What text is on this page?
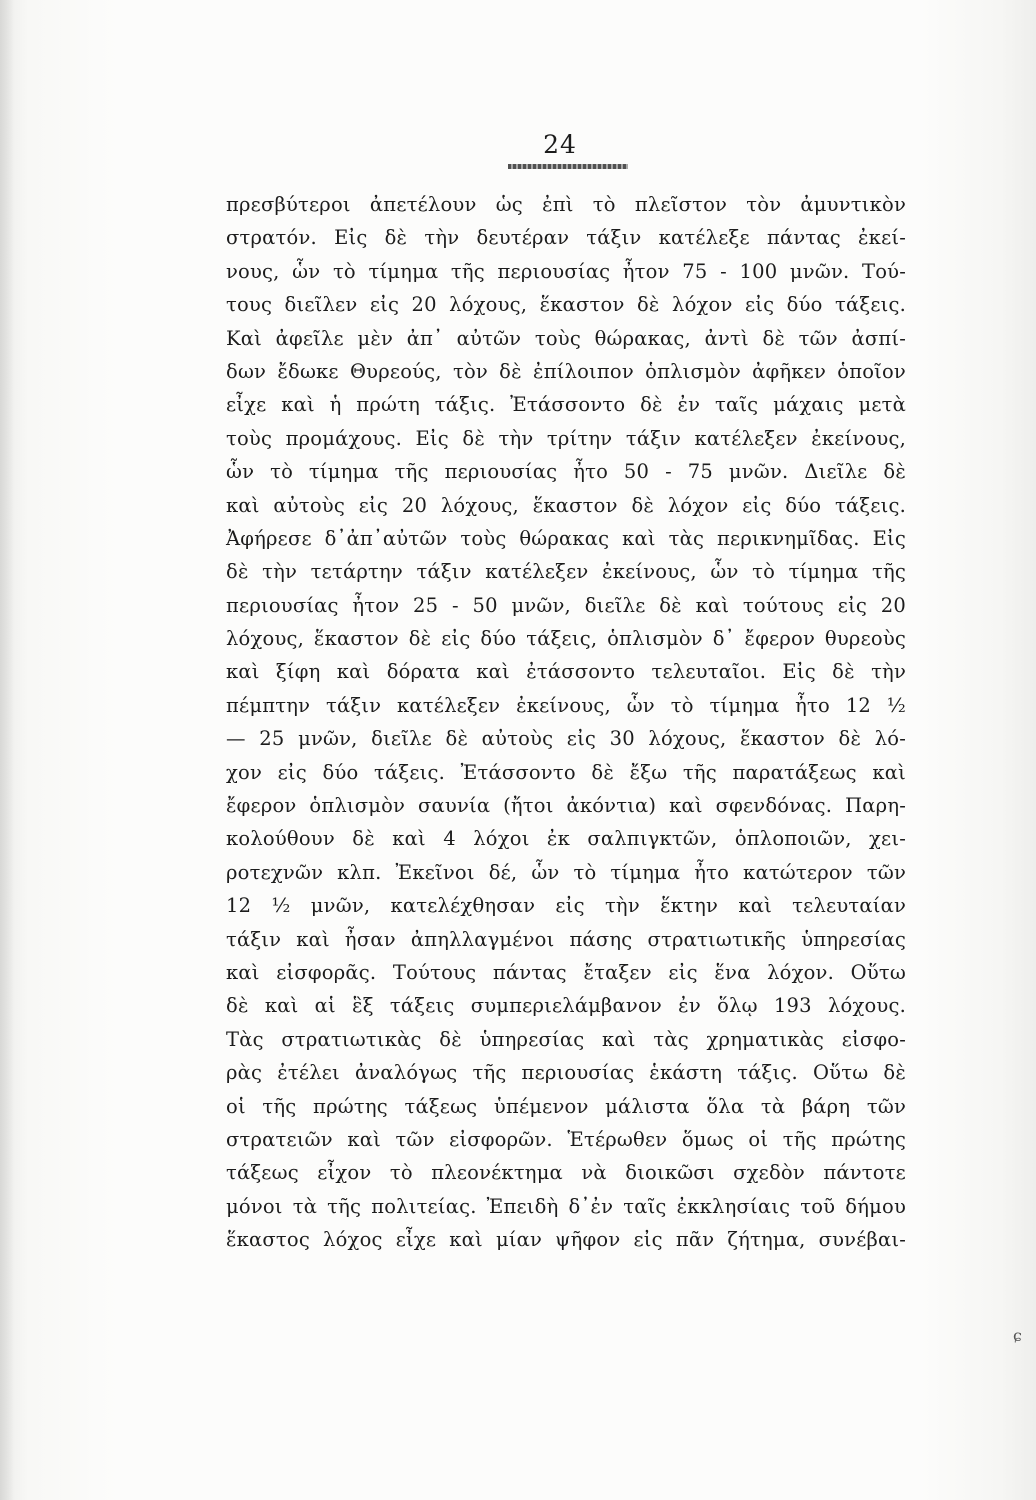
24
πρεσβύτεροι ἀπετέλουν ὡς ἐπὶ τὸ πλεῖστον τὸν ἀμυντικὸν
στρατόν. Εἰς δὲ τὴν δευτέραν τάξιν κατέλεξε πάντας ἐκεί-
νους, ὧν τὸ τίμημα τῆς περιουσίας ἦτον 75 - 100 μνῶν. Τού-
τους διεῖλεν εἰς 20 λόχους, ἕκαστον δὲ λόχον εἰς δύο τάξεις.
Καὶ ἀφεῖλε μὲν ἀπ᾽ αὐτῶν τοὺς θώρακας, ἀντὶ δὲ τῶν ἀσπί-
δων ἔδωκε Θυρεούς, τὸν δὲ ἐπίλοιπον ὁπλισμὸν ἀφῆκεν ὁποῖον
εἶχε καὶ ἡ πρώτη τάξις. Ἐτάσσοντο δὲ ἐν ταῖς μάχαις μετὰ
τοὺς προμάχους. Εἰς δὲ τὴν τρίτην τάξιν κατέλεξεν ἐκείνους,
ὧν τὸ τίμημα τῆς περιουσίας ἦτο 50 - 75 μνῶν. Διεῖλε δὲ
καὶ αὐτοὺς εἰς 20 λόχους, ἕκαστον δὲ λόχον εἰς δύο τάξεις.
Ἀφήρεσε δ᾽ἀπ᾽αὐτῶν τοὺς θώρακας καὶ τὰς περικνημῖδας. Εἰς
δὲ τὴν τετάρτην τάξιν κατέλεξεν ἐκείνους, ὧν τὸ τίμημα τῆς
περιουσίας ἦτον 25 - 50 μνῶν, διεῖλε δὲ καὶ τούτους εἰς 20
λόχους, ἕκαστον δὲ εἰς δύο τάξεις, ὁπλισμὸν δ᾽ ἔφερον θυρεοὺς
καὶ ξίφη καὶ δόρατα καὶ ἐτάσσοντο τελευταῖοι. Εἰς δὲ τὴν
πέμπτην τάξιν κατέλεξεν ἐκείνους, ὧν τὸ τίμημα ἦτο 12 ½
— 25 μνῶν, διεῖλε δὲ αὐτοὺς εἰς 30 λόχους, ἕκαστον δὲ λό-
χον εἰς δύο τάξεις. Ἐτάσσοντο δὲ ἔξω τῆς παρατάξεως καὶ
ἔφερον ὁπλισμὸν σαυνία (ἤτοι ἀκόντια) καὶ σφενδόνας. Παρη-
κολούθουν δὲ καὶ 4 λόχοι ἐκ σαλπιγκτῶν, ὁπλοποιῶν, χει-
ροτεχνῶν κλπ. Ἐκεῖνοι δέ, ὧν τὸ τίμημα ἦτο κατώτερον τῶν
12 ½ μνῶν, κατελέχθησαν εἰς τὴν ἕκτην καὶ τελευταίαν
τάξιν καὶ ἦσαν ἀπηλλαγμένοι πάσης στρατιωτικῆς ὑπηρεσίας
καὶ εἰσφορᾶς. Τούτους πάντας ἔταξεν εἰς ἕνα λόχον. Οὕτω
δὲ καὶ αἱ ἓξ τάξεις συμπεριελάμβανον ἐν ὅλῳ 193 λόχους.
Τὰς στρατιωτικὰς δὲ ὑπηρεσίας καὶ τὰς χρηματικὰς εἰσφο-
ρὰς ἐτέλει ἀναλόγως τῆς περιουσίας ἑκάστη τάξις. Οὕτω δὲ
οἱ τῆς πρώτης τάξεως ὑπέμενον μάλιστα ὅλα τὰ βάρη τῶν
στρατειῶν καὶ τῶν εἰσφορῶν. Ἑτέρωθεν ὅμως οἱ τῆς πρώτης
τάξεως εἶχον τὸ πλεονέκτημα νὰ διοικῶσι σχεδὸν πάντοτε
μόνοι τὰ τῆς πολιτείας. Ἐπειδὴ δ᾽ἐν ταῖς ἐκκλησίαις τοῦ δήμου
ἕκαστος λόχος εἶχε καὶ μίαν ψῆφον εἰς πᾶν ζήτημα, συνέβαι-
ɕ
